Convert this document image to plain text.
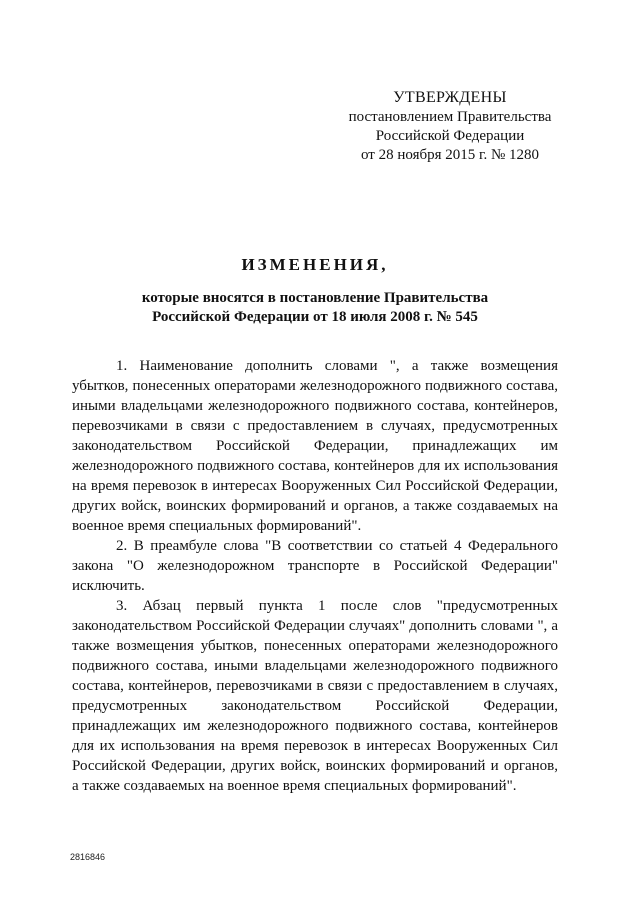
УТВЕРЖДЕНЫ
постановлением Правительства
Российской Федерации
от 28 ноября 2015 г. № 1280
ИЗМЕНЕНИЯ,
которые вносятся в постановление Правительства
Российской Федерации от 18 июля 2008 г. № 545

1. Наименование дополнить словами ", а также возмещения убытков, понесенных операторами железнодорожного подвижного состава, иными владельцами железнодорожного подвижного состава, контейнеров, перевозчиками в связи с предоставлением в случаях, предусмотренных законодательством Российской Федерации, принадлежащих им железнодорожного подвижного состава, контейнеров для их использования на время перевозок в интересах Вооруженных Сил Российской Федерации, других войск, воинских формирований и органов, а также создаваемых на военное время специальных формирований".

2. В преамбуле слова "В соответствии со статьей 4 Федерального закона "О железнодорожном транспорте в Российской Федерации" исключить.

3. Абзац первый пункта 1 после слов "предусмотренных законодательством Российской Федерации случаях" дополнить словами ", а также возмещения убытков, понесенных операторами железнодорожного подвижного состава, иными владельцами железнодорожного подвижного состава, контейнеров, перевозчиками в связи с предоставлением в случаях, предусмотренных законодательством Российской Федерации, принадлежащих им железнодорожного подвижного состава, контейнеров для их использования на время перевозок в интересах Вооруженных Сил Российской Федерации, других войск, воинских формирований и органов, а также создаваемых на военное время специальных формирований".

2816846
